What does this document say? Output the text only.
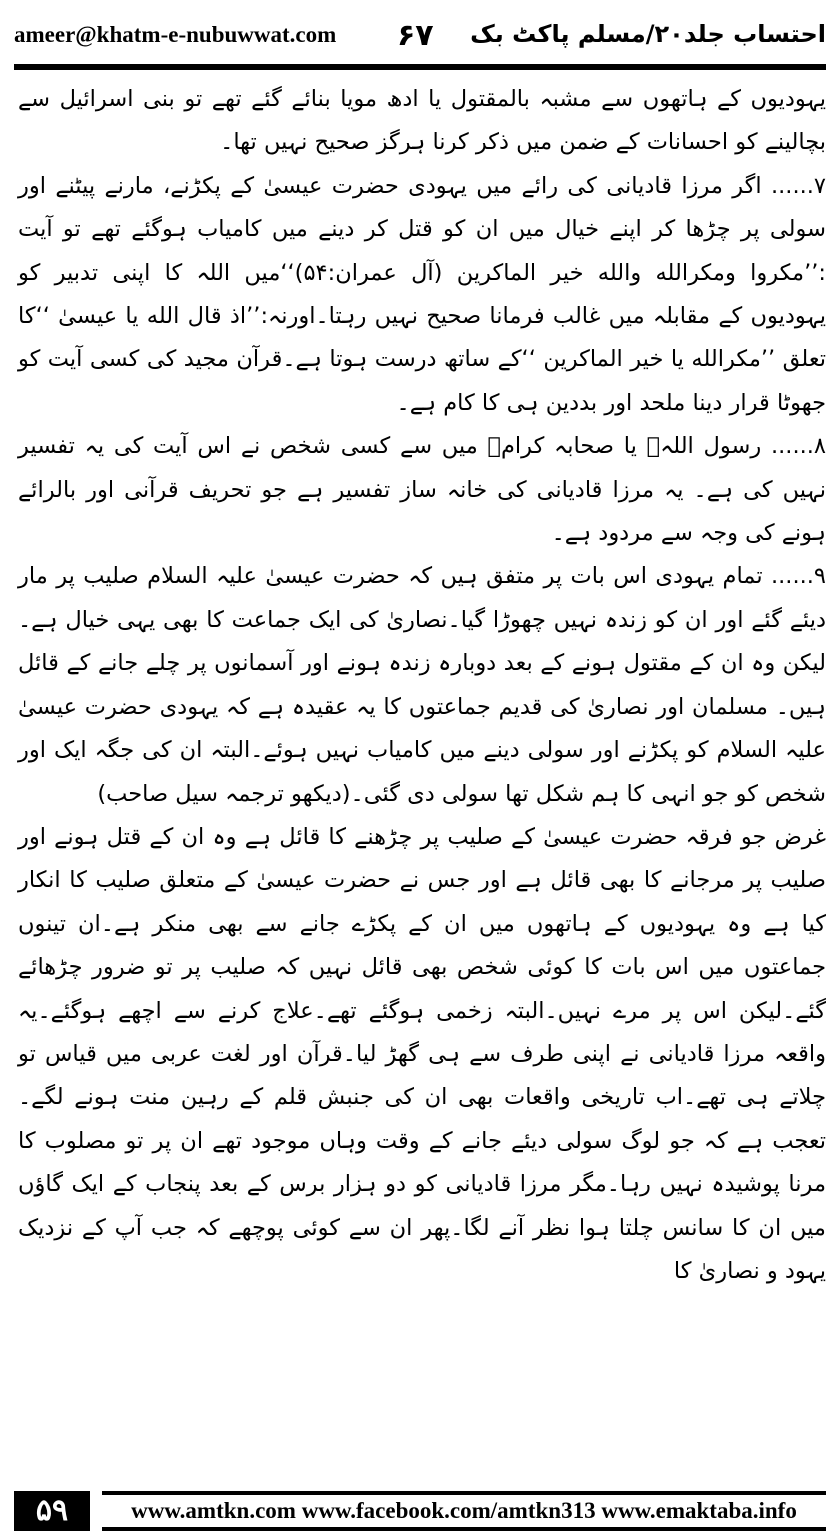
ameer@khatm-e-nubuwwat.com ۶۷ احتساب جلد۲۰/مسلم پاکٹ بک

یہودیوں کے ہاتھوں سے مشبہ بالمقتول یا ادھ مویا بنائے گئے تھے تو بنی اسرائیل سے بچالینے کو احسانات کے ضمن میں ذکر کرنا ہرگز صحیح نہیں تھا۔

۷...... اگر مرزا قادیانی کی رائے میں یہودی حضرت عیسیٰ کے پکڑنے، مارنے پیٹنے اور سولی پر چڑھا کر اپنے خیال میں ان کو قتل کر دینے میں کامیاب ہوگئے تھے تو آیت :’’مکروا ومکرالله والله خیر الماکرین (آل عمران:۵۴)‘‘میں اللہ کا اپنی تدبیر کو یہودیوں کے مقابلہ میں غالب فرمانا صحیح نہیں رہتا۔اورنہ:’’اذ قال الله یا عیسیٰ ‘‘کا تعلق ’’مکرالله یا خیر الماکرین ‘‘کے ساتھ درست ہوتا ہے۔قرآن مجید کی کسی آیت کو جھوٹا قرار دینا ملحد اور بددین ہی کا کام ہے۔

۸...... رسول اللہﷺ یا صحابہ کرامؓ میں سے کسی شخص نے اس آیت کی یہ تفسیر نہیں کی ہے۔ یہ مرزا قادیانی کی خانہ ساز تفسیر ہے جو تحریف قرآنی اور بالرائے ہونے کی وجہ سے مردود ہے۔

۹...... تمام یہودی اس بات پر متفق ہیں کہ حضرت عیسیٰ علیہ السلام صلیب پر مار دیئے گئے اور ان کو زندہ نہیں چھوڑا گیا۔نصاریٰ کی ایک جماعت کا بھی یہی خیال ہے۔لیکن وہ ان کے مقتول ہونے کے بعد دوبارہ زندہ ہونے اور آسمانوں پر چلے جانے کے قائل ہیں۔ مسلمان اور نصاریٰ کی قدیم جماعتوں کا یہ عقیدہ ہے کہ یہودی حضرت عیسیٰ علیہ السلام کو پکڑنے اور سولی دینے میں کامیاب نہیں ہوئے۔البتہ ان کی جگہ ایک اور شخص کو جو انہی کا ہم شکل تھا سولی دی گئی۔(دیکھو ترجمہ سیل صاحب)

غرض جو فرقہ حضرت عیسیٰ کے صلیب پر چڑھنے کا قائل ہے وہ ان کے قتل ہونے اور صلیب پر مرجانے کا بھی قائل ہے اور جس نے حضرت عیسیٰ کے متعلق صلیب کا انکار کیا ہے وہ یہودیوں کے ہاتھوں میں ان کے پکڑے جانے سے بھی منکر ہے۔ان تینوں جماعتوں میں اس بات کا کوئی شخص بھی قائل نہیں کہ صلیب پر تو ضرور چڑھائے گئے۔لیکن اس پر مرے نہیں۔البتہ زخمی ہوگئے تھے۔علاج کرنے سے اچھے ہوگئے۔یہ واقعہ مرزا قادیانی نے اپنی طرف سے ہی گھڑ لیا۔قرآن اور لغت عربی میں قیاس تو چلاتے ہی تھے۔اب تاریخی واقعات بھی ان کی جنبش قلم کے رہین منت ہونے لگے۔تعجب ہے کہ جو لوگ سولی دیئے جانے کے وقت وہاں موجود تھے ان پر تو مصلوب کا مرنا پوشیدہ نہیں رہا۔مگر مرزا قادیانی کو دو ہزار برس کے بعد پنجاب کے ایک گاؤں میں ان کا سانس چلتا ہوا نظر آنے لگا۔پھر ان سے کوئی پوچھے کہ جب آپ کے نزدیک یہود و نصاریٰ کا

۵۹	www.amtkn.com www.facebook.com/amtkn313 www.emaktaba.info
